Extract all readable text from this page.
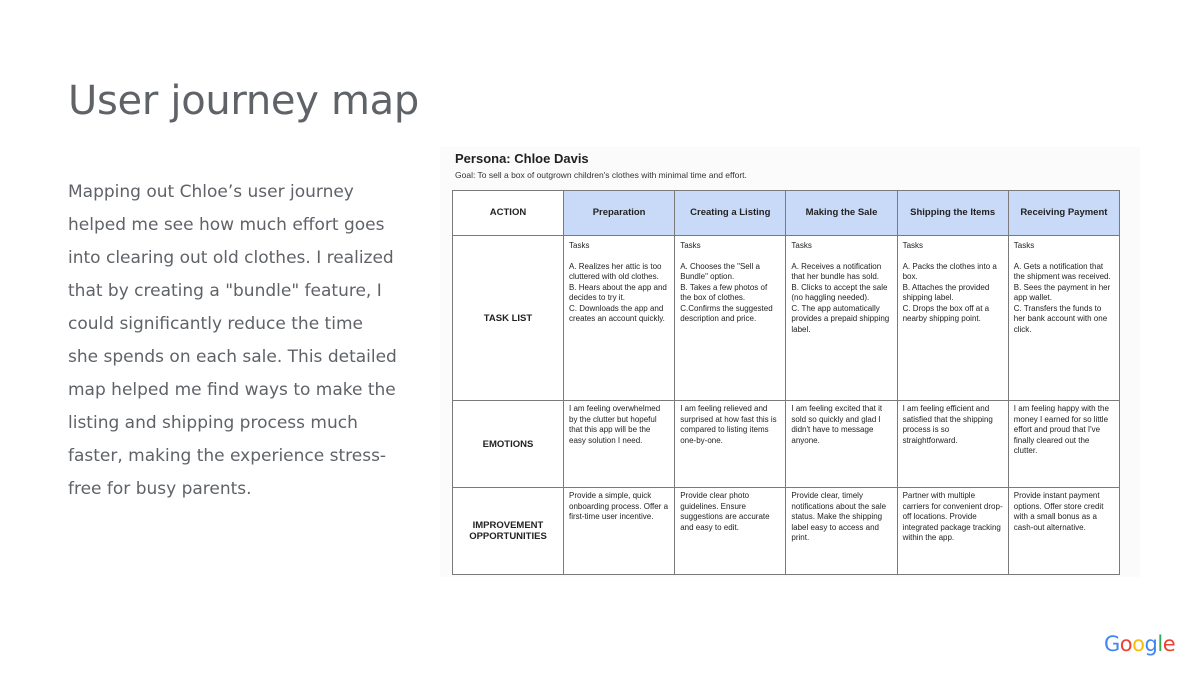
User journey map
Mapping out Chloe’s user journey helped me see how much effort goes into clearing out old clothes. I realized that by creating a "bundle" feature, I could significantly reduce the time she spends on each sale. This detailed map helped me find ways to make the listing and shipping process much faster, making the experience stress-free for busy parents.
Persona: Chloe Davis
Goal: To sell a box of outgrown children's clothes with minimal time and effort.
ACTION	Preparation	Creating a Listing	Making the Sale	Shipping the Items	Receiving Payment
TASK LIST	Tasks
A. Realizes her attic is too cluttered with old clothes.
B. Hears about the app and decides to try it.
C. Downloads the app and creates an account quickly.	Tasks
A. Chooses the "Sell a Bundle" option.
B. Takes a few photos of the box of clothes.
C.Confirms the suggested description and price.	Tasks
A. Receives a notification that her bundle has sold.
B. Clicks to accept the sale (no haggling needed).
C. The app automatically provides a prepaid shipping label.	Tasks
A. Packs the clothes into a box.
B. Attaches the provided shipping label.
C. Drops the box off at a nearby shipping point.	Tasks
A. Gets a notification that the shipment was received.
B. Sees the payment in her app wallet.
C. Transfers the funds to her bank account with one click.
EMOTIONS	I am feeling overwhelmed by the clutter but hopeful that this app will be the easy solution I need.	I am feeling relieved and surprised at how fast this is compared to listing items one-by-one.	I am feeling excited that it sold so quickly and glad I didn't have to message anyone.	I am feeling efficient and satisfied that the shipping process is so straightforward.	I am feeling happy with the money I earned for so little effort and proud that I've finally cleared out the clutter.
IMPROVEMENT OPPORTUNITIES	Provide a simple, quick onboarding process. Offer a first-time user incentive.	Provide clear photo guidelines. Ensure suggestions are accurate and easy to edit.	Provide clear, timely notifications about the sale status. Make the shipping label easy to access and print.	Partner with multiple carriers for convenient drop-off locations. Provide integrated package tracking within the app.	Provide instant payment options. Offer store credit with a small bonus as a cash-out alternative.
Google
